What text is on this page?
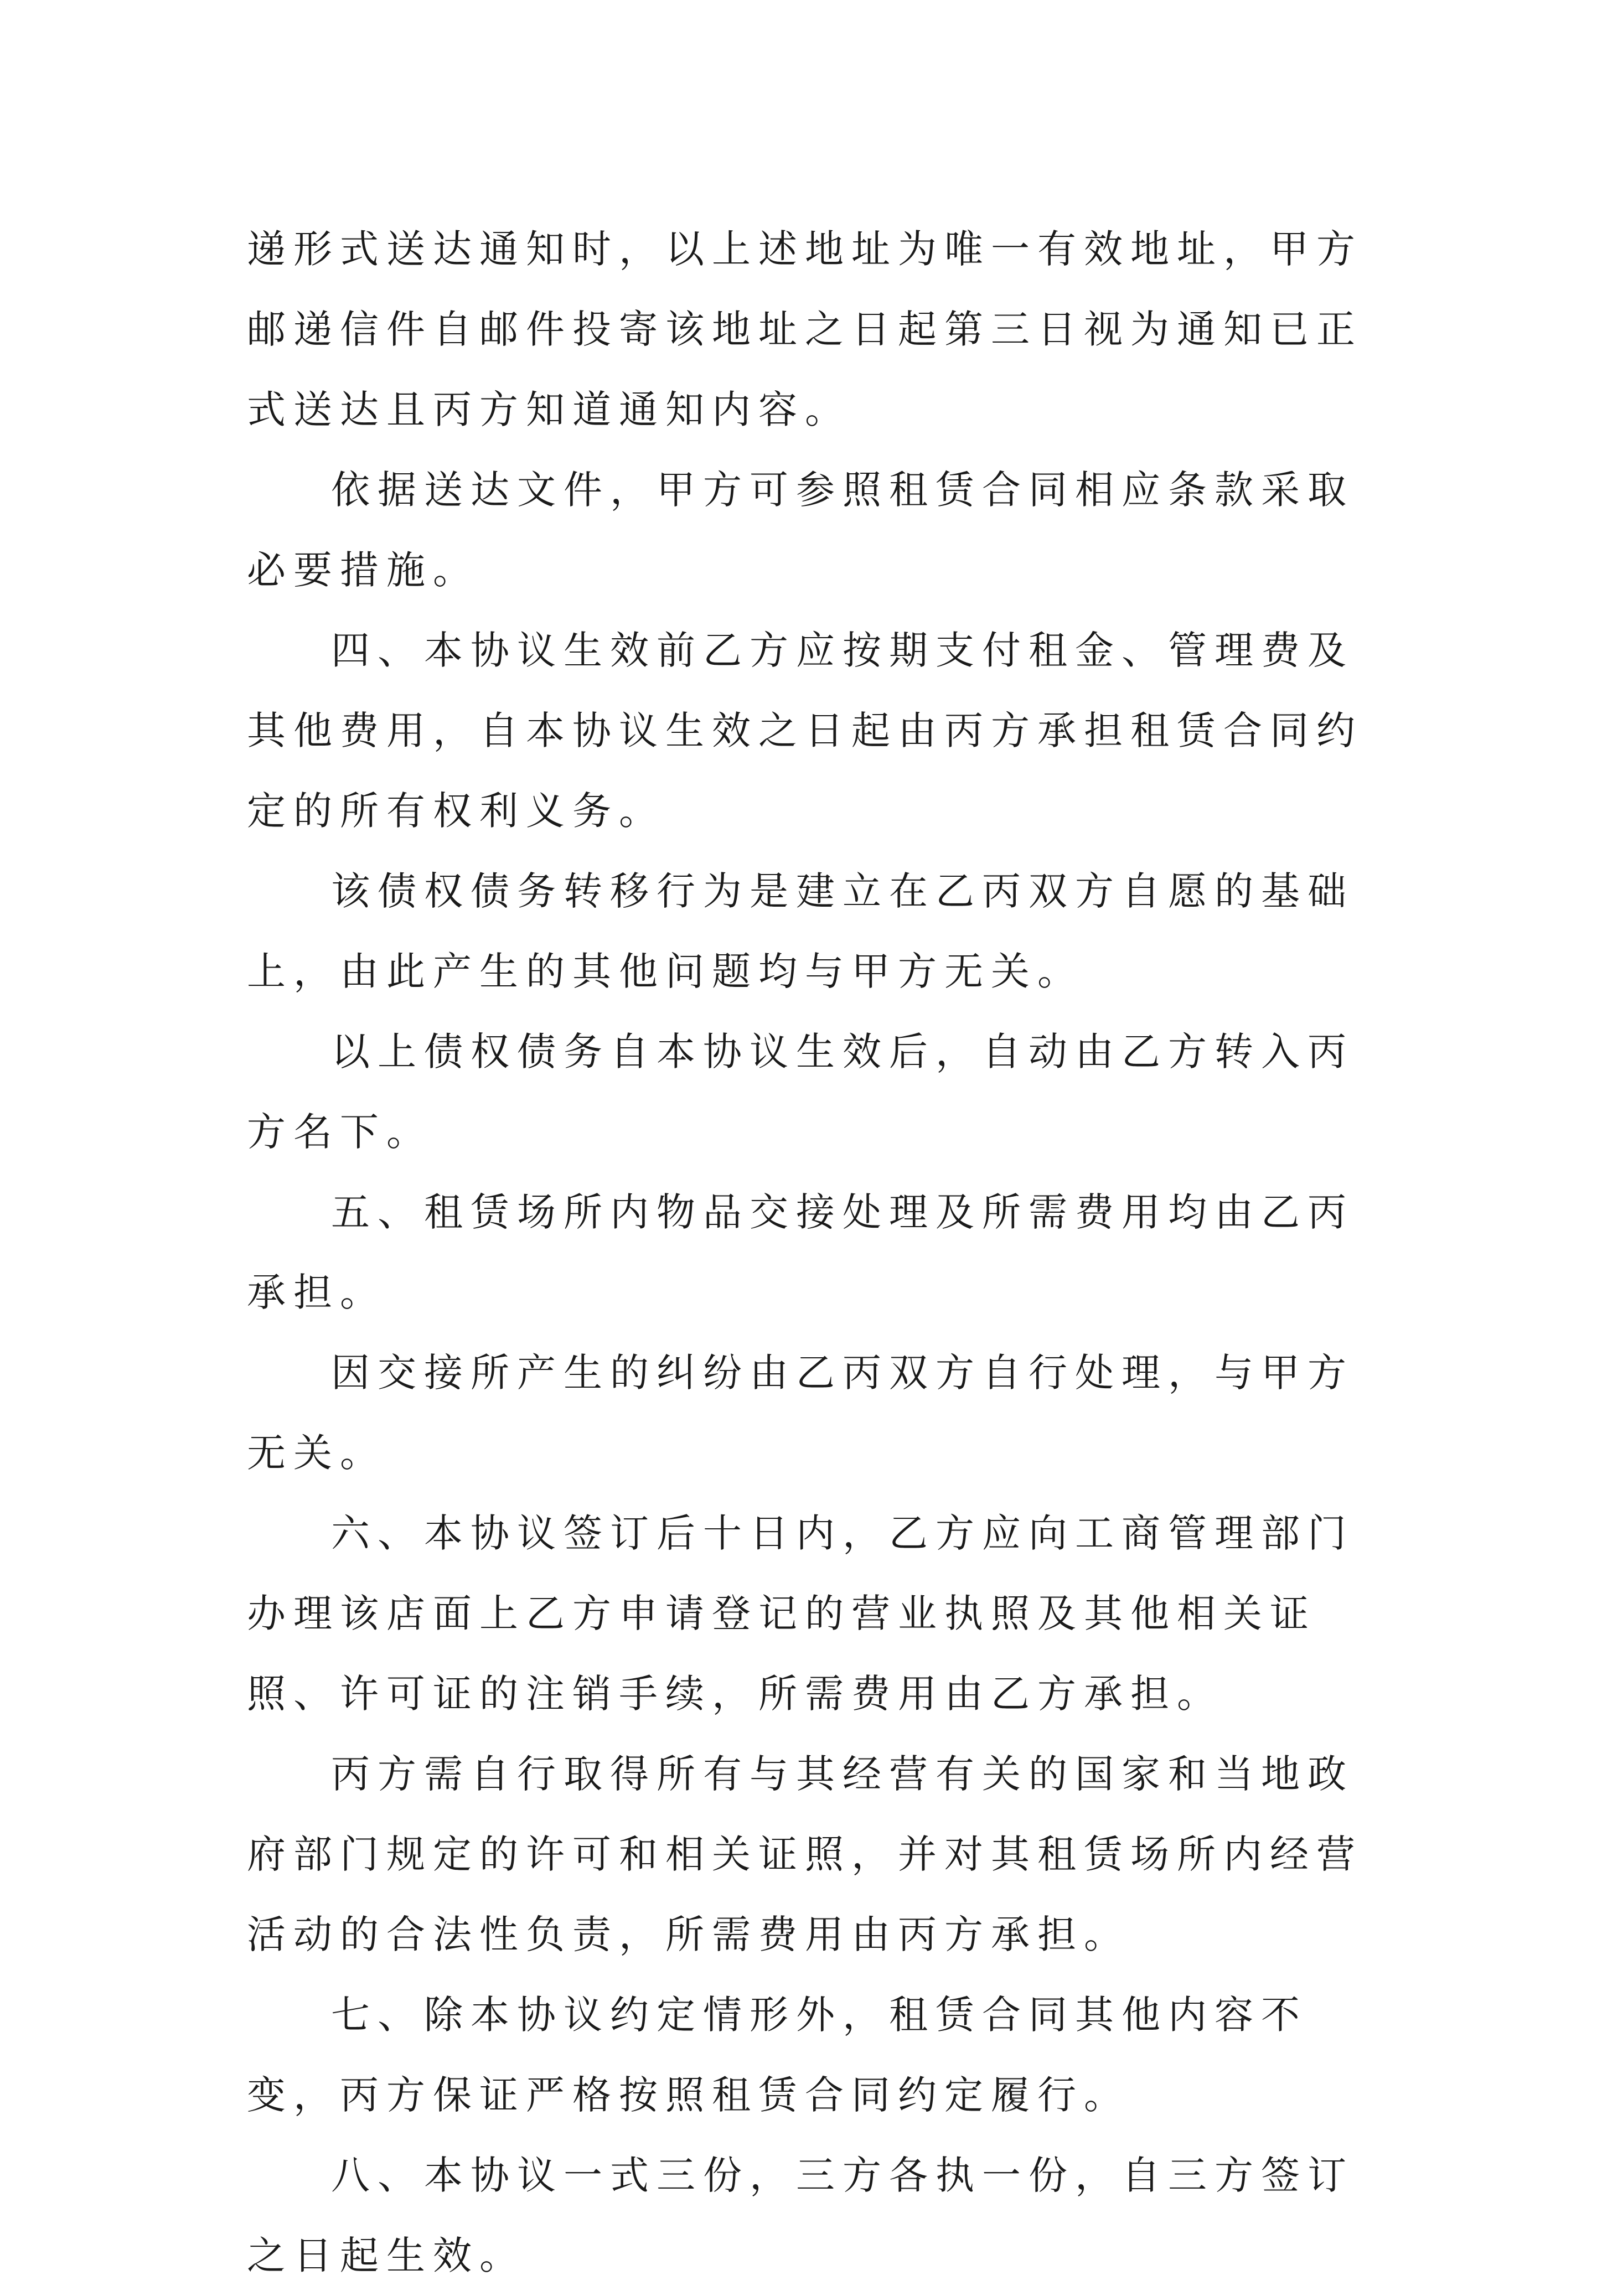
递形式送达通知时，以上述地址为唯一有效地址，甲方邮递信件自邮件投寄该地址之日起第三日视为通知已正式送达且丙方知道通知内容。

依据送达文件，甲方可参照租赁合同相应条款采取必要措施。

四、本协议生效前乙方应按期支付租金、管理费及其他费用，自本协议生效之日起由丙方承担租赁合同约定的所有权利义务。

该债权债务转移行为是建立在乙丙双方自愿的基础上，由此产生的其他问题均与甲方无关。

以上债权债务自本协议生效后，自动由乙方转入丙方名下。

五、租赁场所内物品交接处理及所需费用均由乙丙承担。

因交接所产生的纠纷由乙丙双方自行处理，与甲方无关。

六、本协议签订后十日内，乙方应向工商管理部门办理该店面上乙方申请登记的营业执照及其他相关证照、许可证的注销手续，所需费用由乙方承担。

丙方需自行取得所有与其经营有关的国家和当地政府部门规定的许可和相关证照，并对其租赁场所内经营活动的合法性负责，所需费用由丙方承担。

七、除本协议约定情形外，租赁合同其他内容不变，丙方保证严格按照租赁合同约定履行。

八、本协议一式三份，三方各执一份，自三方签订之日起生效。
